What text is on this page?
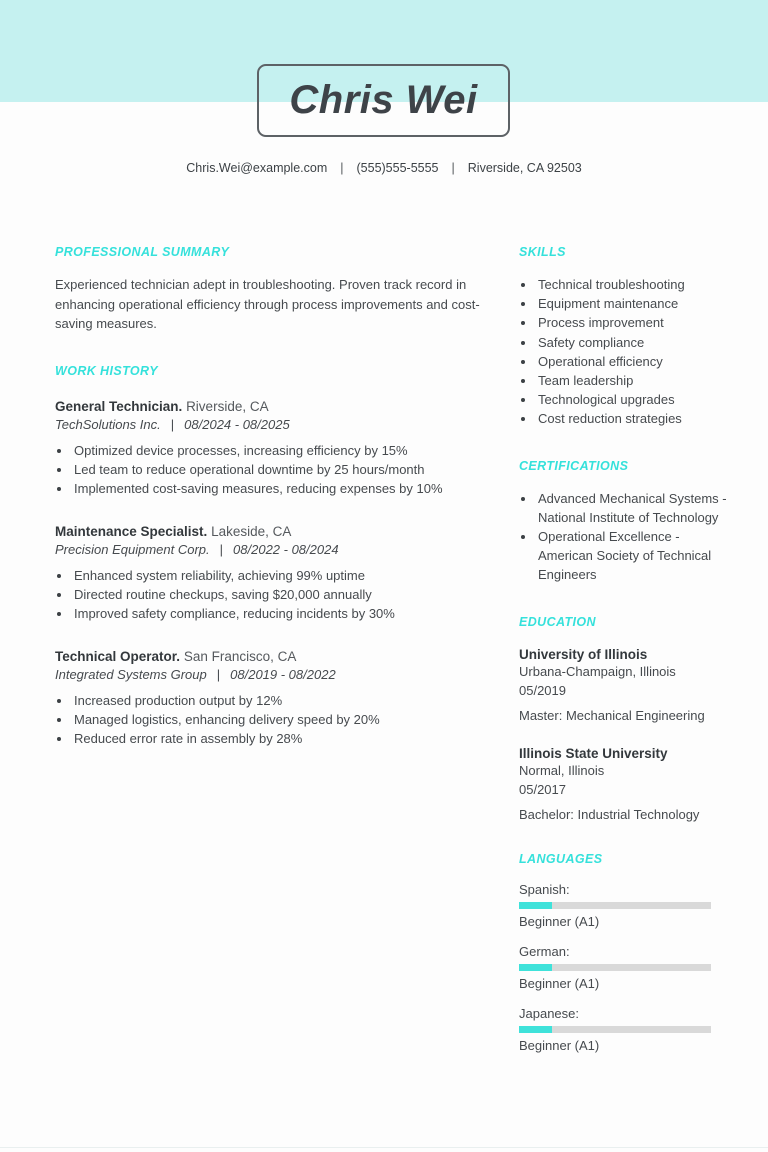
Chris Wei
Chris.Wei@example.com | (555)555-5555 | Riverside, CA 92503
PROFESSIONAL SUMMARY

Experienced technician adept in troubleshooting. Proven track record in enhancing operational efficiency through process improvements and cost-saving measures.

WORK HISTORY
General Technician. Riverside, CA
TechSolutions Inc. | 08/2024 - 08/2025
• Optimized device processes, increasing efficiency by 15%
• Led team to reduce operational downtime by 25 hours/month
• Implemented cost-saving measures, reducing expenses by 10%
Maintenance Specialist. Lakeside, CA
Precision Equipment Corp. | 08/2022 - 08/2024
• Enhanced system reliability, achieving 99% uptime
• Directed routine checkups, saving $20,000 annually
• Improved safety compliance, reducing incidents by 30%
Technical Operator. San Francisco, CA
Integrated Systems Group | 08/2019 - 08/2022
• Increased production output by 12%
• Managed logistics, enhancing delivery speed by 20%
• Reduced error rate in assembly by 28%
SKILLS
• Technical troubleshooting
• Equipment maintenance
• Process improvement
• Safety compliance
• Operational efficiency
• Team leadership
• Technological upgrades
• Cost reduction strategies
CERTIFICATIONS
• Advanced Mechanical Systems - National Institute of Technology
• Operational Excellence - American Society of Technical Engineers
EDUCATION
University of Illinois
Urbana-Champaign, Illinois
05/2019
Master: Mechanical Engineering
Illinois State University
Normal, Illinois
05/2017
Bachelor: Industrial Technology
LANGUAGES
Spanish:
Beginner (A1)
German:
Beginner (A1)
Japanese:
Beginner (A1)
